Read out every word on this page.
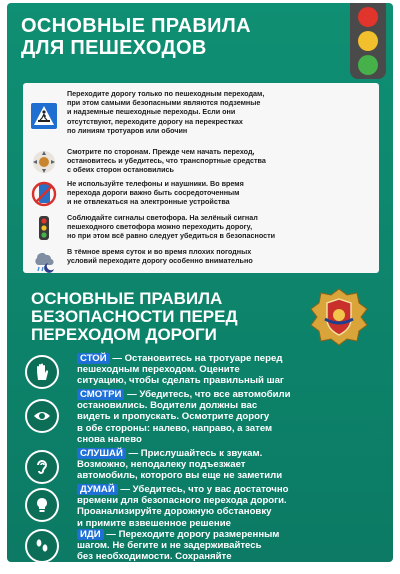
ОСНОВНЫЕ ПРАВИЛА
ДЛЯ ПЕШЕХОДОВ
Переходите дорогу только по пешеходным переходам,
при этом самыми безопасными являются подземные
и надземные пешеходные переходы. Если они
отсутствуют, переходите дорогу на перекрестках
по линиям тротуаров или обочин
Смотрите по сторонам. Прежде чем начать переход,
остановитесь и убедитесь, что транспортные средства
с обеих сторон остановились
Не используйте телефоны и наушники. Во время
перехода дороги важно быть сосредоточенным
и не отвлекаться на электронные устройства
Соблюдайте сигналы светофора. На зелёный сигнал
пешеходного светофора можно переходить дорогу,
но при этом всё равно следует убедиться в безопасности
В тёмное время суток и во время плохих погодных
условий переходите дорогу особенно внимательно
ОСНОВНЫЕ ПРАВИЛА
БЕЗОПАСНОСТИ ПЕРЕД
ПЕРЕХОДОМ ДОРОГИ
СТОЙ — Остановитесь на тротуаре перед
пешеходным переходом. Оцените
ситуацию, чтобы сделать правильный шаг
СМОТРИ — Убедитесь, что все автомобили
остановились. Водители должны вас
видеть и пропускать. Осмотрите дорогу
в обе стороны: налево, направо, а затем
снова налево
СЛУШАЙ — Прислушайтесь к звукам.
Возможно, неподалеку подъезжает
автомобиль, которого вы еще не заметили
ДУМАЙ — Убедитесь, что у вас достаточно
времени для безопасного перехода дороги.
Проанализируйте дорожную обстановку
и примите взвешенное решение
ИДИ — Переходите дорогу размеренным
шагом. Не бегите и не задерживайтесь
без необходимости. Сохраняйте
спокойствие и осознанность
